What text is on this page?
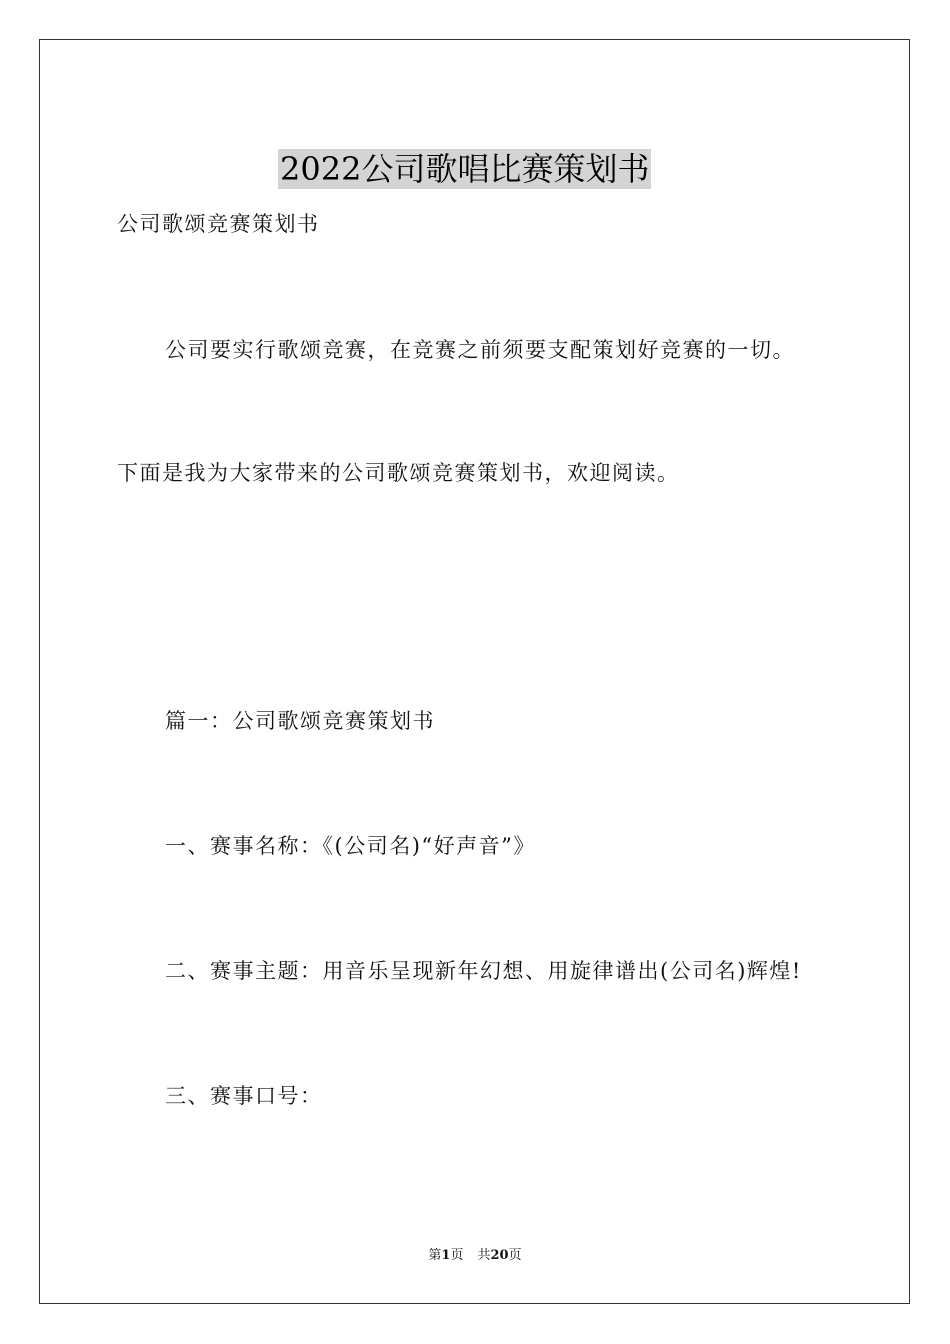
2022公司歌唱比赛策划书
公司歌颂竞赛策划书
公司要实行歌颂竞赛，在竞赛之前须要支配策划好竞赛的一切。
下面是我为大家带来的公司歌颂竞赛策划书，欢迎阅读。
篇一：公司歌颂竞赛策划书
一、赛事名称：《(公司名)“好声音”》
二、赛事主题：用音乐呈现新年幻想、用旋律谱出(公司名)辉煌!
三、赛事口号：
第1页 共20页
